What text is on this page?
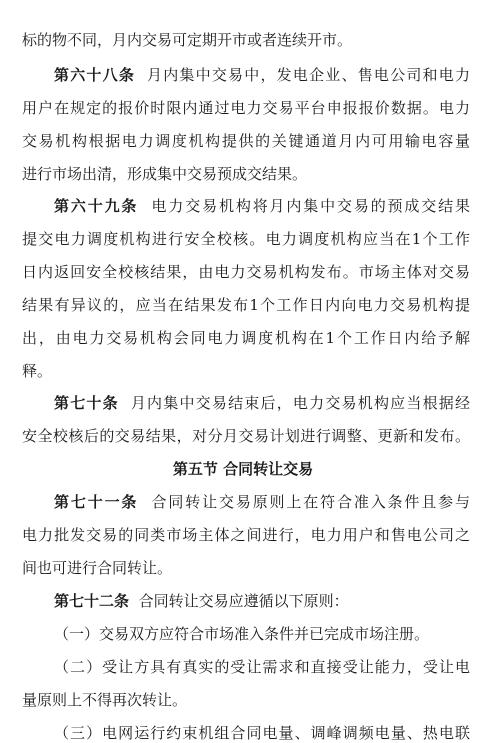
标的物不同，月内交易可定期开市或者连续开市。
第六十八条 月内集中交易中，发电企业、售电公司和电力
用户在规定的报价时限内通过电力交易平台申报报价数据。电力
交易机构根据电力调度机构提供的关键通道月内可用输电容量
进行市场出清，形成集中交易预成交结果。
第六十九条 电力交易机构将月内集中交易的预成交结果
提交电力调度机构进行安全校核。电力调度机构应当在1个工作
日内返回安全校核结果，由电力交易机构发布。市场主体对交易
结果有异议的，应当在结果发布1个工作日内向电力交易机构提
出，由电力交易机构会同电力调度机构在1个工作日内给予解
释。
第七十条 月内集中交易结束后，电力交易机构应当根据经
安全校核后的交易结果，对分月交易计划进行调整、更新和发布。
第五节 合同转让交易
第七十一条 合同转让交易原则上在符合准入条件且参与
电力批发交易的同类市场主体之间进行，电力用户和售电公司之
间也可进行合同转让。
第七十二条 合同转让交易应遵循以下原则：
（一）交易双方应符合市场准入条件并已完成市场注册。
（二）受让方具有真实的受让需求和直接受让能力，受让电
量原则上不得再次转让。
（三）电网运行约束机组合同电量、调峰调频电量、热电联
